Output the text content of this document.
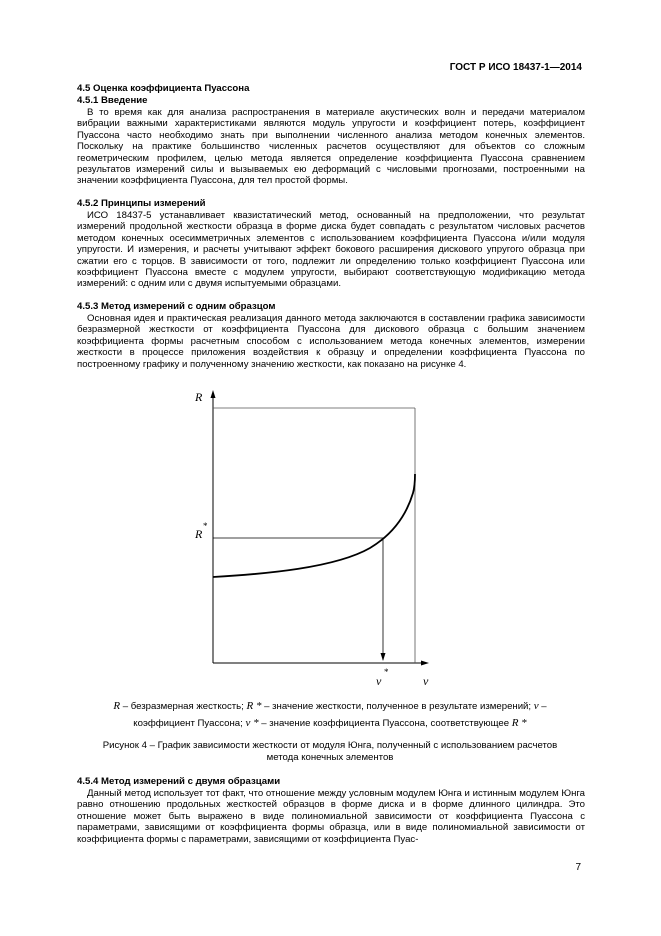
ГОСТ Р ИСО 18437-1—2014
4.5 Оценка коэффициента Пуассона
4.5.1 Введение
В то время как для анализа распространения в материале акустических волн и передачи материалом вибрации важными характеристиками являются модуль упругости и коэффициент потерь, коэффициент Пуассона часто необходимо знать при выполнении численного анализа методом конечных элементов. Поскольку на практике большинство численных расчетов осуществляют для объектов со сложным геометрическим профилем, целью метода является определение коэффициента Пуассона сравнением результатов измерений силы и вызываемых ею деформаций с числовыми прогнозами, построенными на значении коэффициента Пуассона, для тел простой формы.
4.5.2 Принципы измерений
ИСО 18437-5 устанавливает квазистатический метод, основанный на предположении, что результат измерений продольной жесткости образца в форме диска будет совпадать с результатом числовых расчетов методом конечных осесимметричных элементов с использованием коэффициента Пуассона и/или модуля упругости. И измерения, и расчеты учитывают эффект бокового расширения дискового упругого образца при сжатии его с торцов. В зависимости от того, подлежит ли определению только коэффициент Пуассона или коэффициент Пуассона вместе с модулем упругости, выбирают соответствующую модификацию метода измерений: с одним или с двумя испытуемыми образцами.
4.5.3 Метод измерений с одним образцом
Основная идея и практическая реализация данного метода заключаются в составлении графика зависимости безразмерной жесткости от коэффициента Пуассона для дискового образца с большим значением коэффициента формы расчетным способом с использованием метода конечных элементов, измерении жесткости в процессе приложения воздействия к образцу и определении коэффициента Пуассона по построенному графику и полученному значению жесткости, как показано на рисунке 4.
R
R
*
ν
*
ν
R – безразмерная жесткость; R * – значение жесткости, полученное в результате измерений; ν –
коэффициент Пуассона; ν * – значение коэффициента Пуассона, соответствующее R *
Рисунок 4 – График зависимости жесткости от модуля Юнга, полученный с использованием расчетов
метода конечных элементов
4.5.4 Метод измерений с двумя образцами
Данный метод использует тот факт, что отношение между условным модулем Юнга и истинным модулем Юнга равно отношению продольных жесткостей образцов в форме диска и в форме длинного цилиндра. Это отношение может быть выражено в виде полиномиальной зависимости от коэффициента Пуассона с параметрами, зависящими от коэффициента формы образца, или в виде полиномиальной зависимости от коэффициента формы с параметрами, зависящими от коэффициента Пуас-
7
